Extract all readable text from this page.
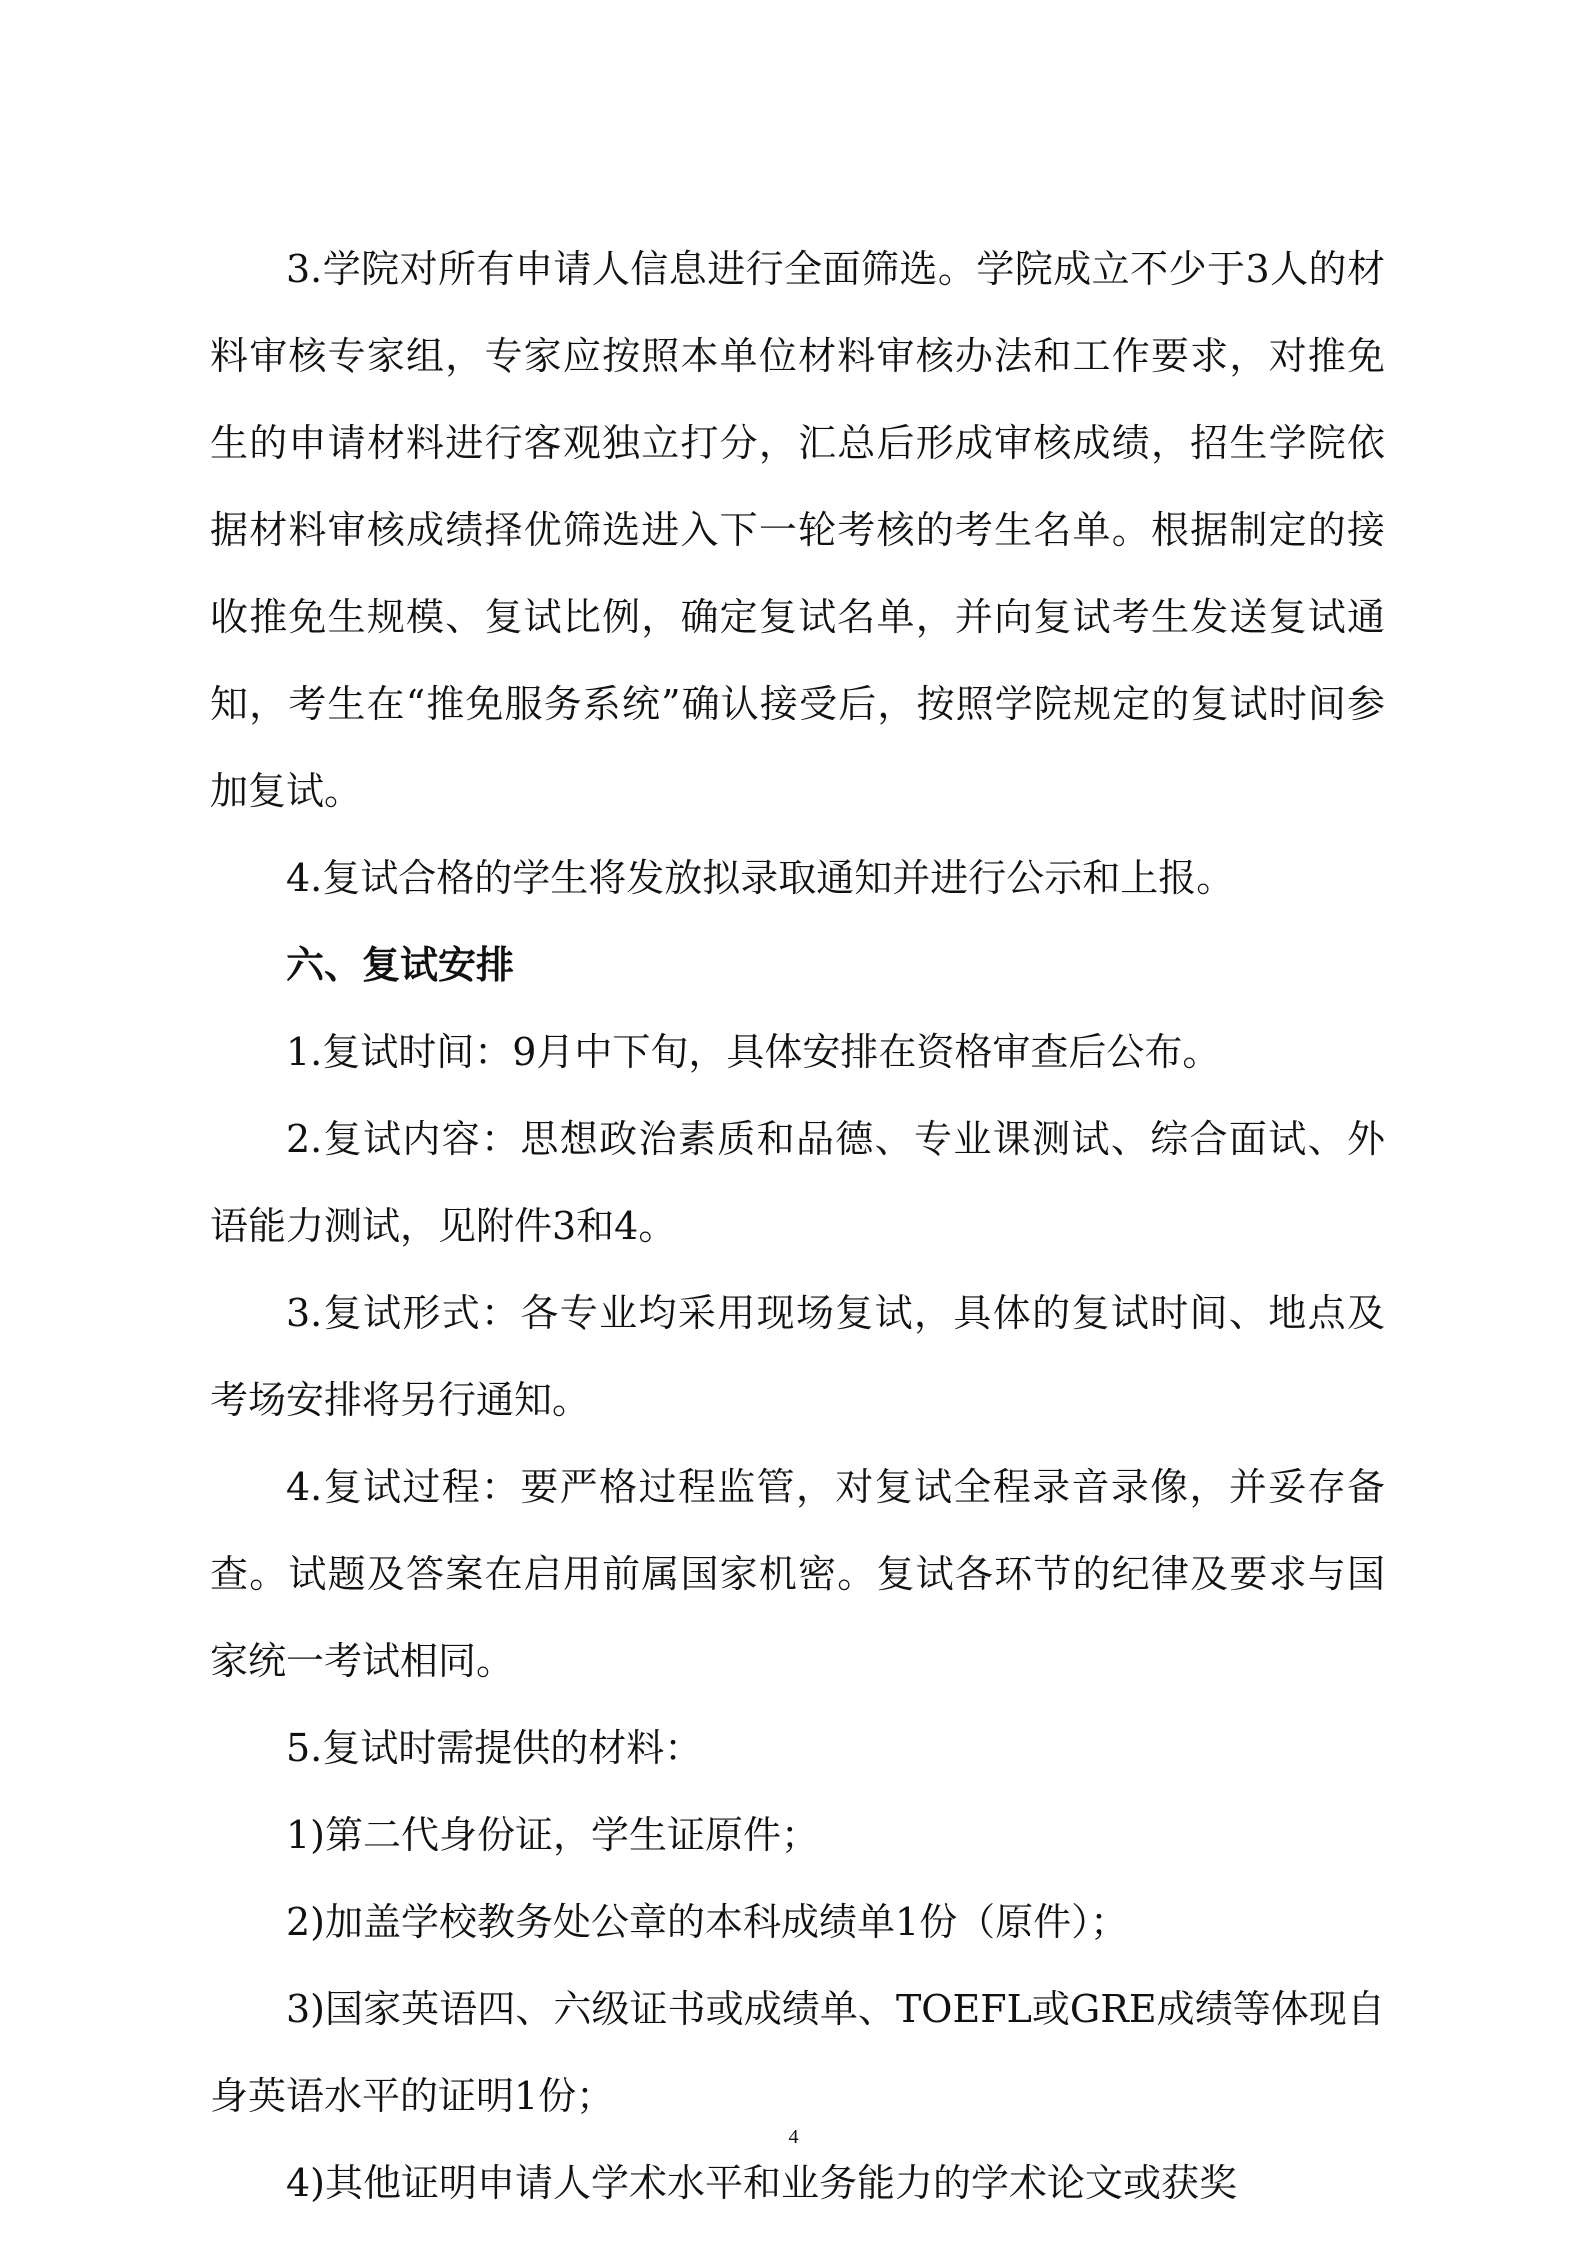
3.学院对所有申请人信息进行全面筛选。学院成立不少于3人的材料审核专家组，专家应按照本单位材料审核办法和工作要求，对推免生的申请材料进行客观独立打分，汇总后形成审核成绩，招生学院依据材料审核成绩择优筛选进入下一轮考核的考生名单。根据制定的接收推免生规模、复试比例，确定复试名单，并向复试考生发送复试通知，考生在“推免服务系统”确认接受后，按照学院规定的复试时间参加复试。

4.复试合格的学生将发放拟录取通知并进行公示和上报。

六、复试安排

1.复试时间：9月中下旬，具体安排在资格审查后公布。

2.复试内容：思想政治素质和品德、专业课测试、综合面试、外语能力测试，见附件3和4。

3.复试形式：各专业均采用现场复试，具体的复试时间、地点及考场安排将另行通知。

4.复试过程：要严格过程监管，对复试全程录音录像，并妥存备查。试题及答案在启用前属国家机密。复试各环节的纪律及要求与国家统一考试相同。

5.复试时需提供的材料：

1)第二代身份证，学生证原件；

2)加盖学校教务处公章的本科成绩单1份（原件）；

3)国家英语四、六级证书或成绩单、TOEFL或GRE成绩等体现自身英语水平的证明1份；

4)其他证明申请人学术水平和业务能力的学术论文或获奖

4
